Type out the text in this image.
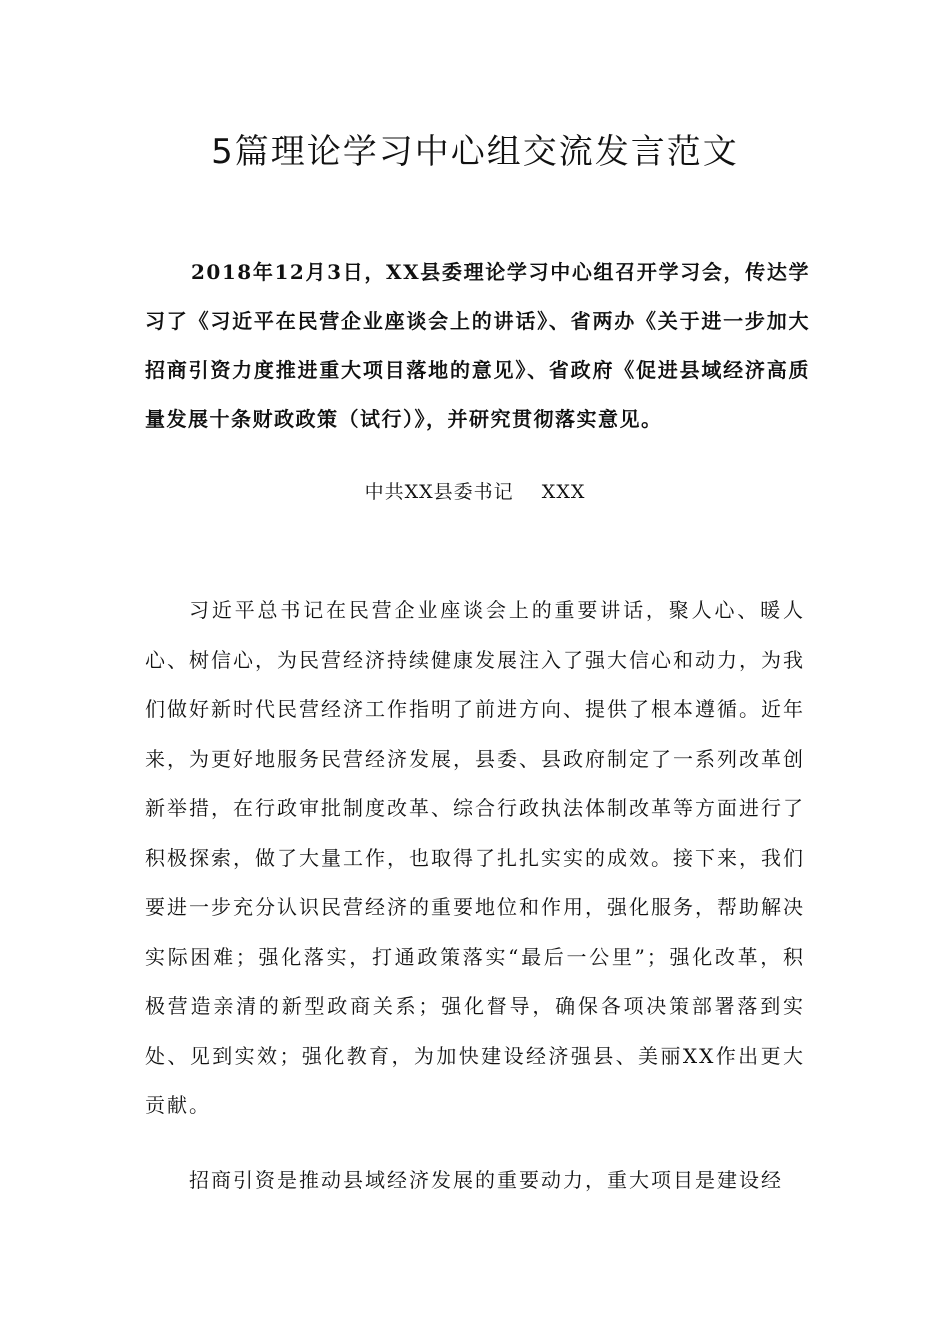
5篇理论学习中心组交流发言范文

2018年12月3日，XX县委理论学习中心组召开学习会，传达学习了《习近平在民营企业座谈会上的讲话》、省两办《关于进一步加大招商引资力度推进重大项目落地的意见》、省政府《促进县域经济高质量发展十条财政政策（试行）》，并研究贯彻落实意见。

中共XX县委书记    XXX

习近平总书记在民营企业座谈会上的重要讲话，聚人心、暖人心、树信心，为民营经济持续健康发展注入了强大信心和动力，为我们做好新时代民营经济工作指明了前进方向、提供了根本遵循。近年来，为更好地服务民营经济发展，县委、县政府制定了一系列改革创新举措，在行政审批制度改革、综合行政执法体制改革等方面进行了积极探索，做了大量工作，也取得了扎扎实实的成效。接下来，我们要进一步充分认识民营经济的重要地位和作用，强化服务，帮助解决实际困难；强化落实，打通政策落实“最后一公里”；强化改革，积极营造亲清的新型政商关系；强化督导，确保各项决策部署落到实处、见到实效；强化教育，为加快建设经济强县、美丽XX作出更大贡献。

招商引资是推动县域经济发展的重要动力，重大项目是建设经
